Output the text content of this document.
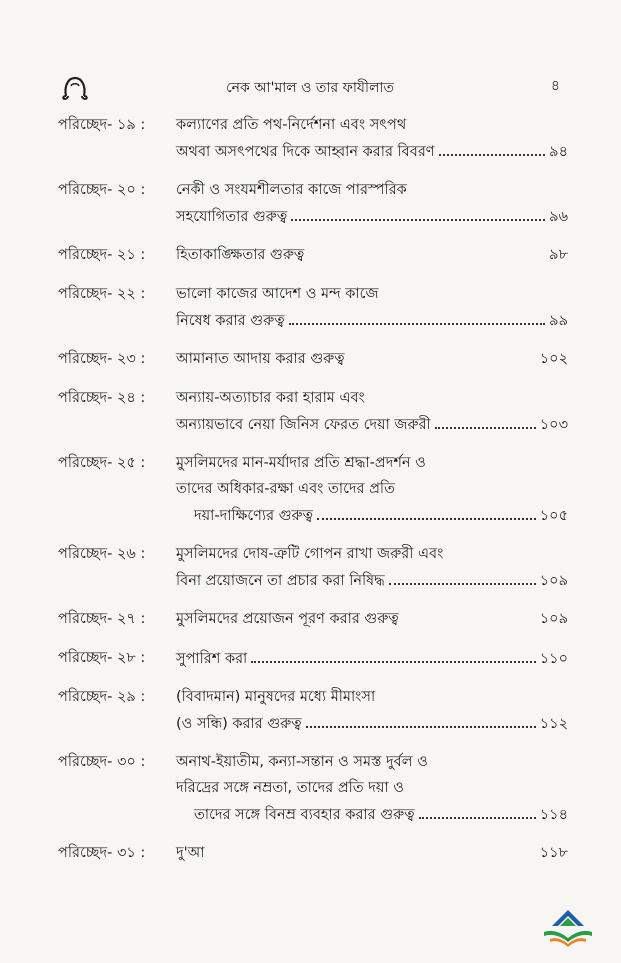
নেক আ'মাল ও তার ফাযীলাত	৪
পরিচ্ছেদ- ১৯ : কল্যাণের প্রতি পথ-নির্দেশনা এবং সৎপথ
অথবা অসৎপথের দিকে আহ্বান করার বিবরণ	৯৪
পরিচ্ছেদ- ২০ : নেকী ও সংযমশীলতার কাজে পারস্পরিক
সহযোগিতার গুরুত্ব	৯৬
পরিচ্ছেদ- ২১ : হিতাকাঙ্ক্ষিতার গুরুত্ব	৯৮
পরিচ্ছেদ- ২২ : ভালো কাজের আদেশ ও মন্দ কাজে
নিষেধ করার গুরুত্ব	৯৯
পরিচ্ছেদ- ২৩ : আমানাত আদায় করার গুরুত্ব	১০২
পরিচ্ছেদ- ২৪ : অন্যায়-অত্যাচার করা হারাম এবং
অন্যায়ভাবে নেয়া জিনিস ফেরত দেয়া জরুরী	১০৩
পরিচ্ছেদ- ২৫ : মুসলিমদের মান-মর্যাদার প্রতি শ্রদ্ধা-প্রদর্শন ও
তাদের অধিকার-রক্ষা এবং তাদের প্রতি
দয়া-দাক্ষিণ্যের গুরুত্ব	১০৫
পরিচ্ছেদ- ২৬ : মুসলিমদের দোষ-ত্রুটি গোপন রাখা জরুরী এবং
বিনা প্রয়োজনে তা প্রচার করা নিষিদ্ধ	১০৯
পরিচ্ছেদ- ২৭ : মুসলিমদের প্রয়োজন পূরণ করার গুরুত্ব	১০৯
পরিচ্ছেদ- ২৮ : সুপারিশ করা	১১০
পরিচ্ছেদ- ২৯ : (বিবাদমান) মানুষদের মধ্যে মীমাংসা
(ও সন্ধি) করার গুরুত্ব	১১২
পরিচ্ছেদ- ৩০ : অনাথ-ইয়াতীম, কন্যা-সন্তান ও সমস্ত দুর্বল ও
দরিদ্রের সঙ্গে নম্রতা, তাদের প্রতি দয়া ও
তাদের সঙ্গে বিনম্র ব্যবহার করার গুরুত্ব	১১৪
পরিচ্ছেদ- ৩১ : দু'আ	১১৮
